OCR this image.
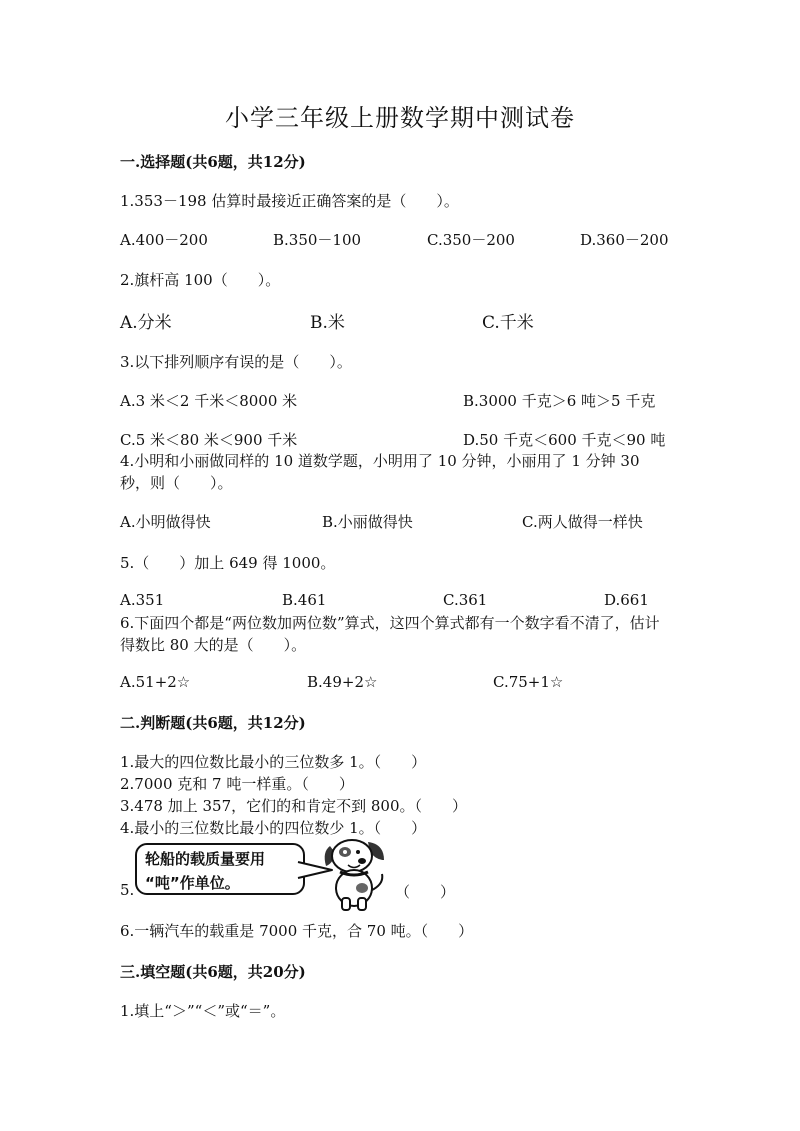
小学三年级上册数学期中测试卷
一.选择题(共6题，共12分)
1.353－198 估算时最接近正确答案的是（　　）。
A.400－200	B.350－100	C.350－200	D.360－200
2.旗杆高 100（　　）。
A.分米	B.米	C.千米
3.以下排列顺序有误的是（　　）。
A.3 米＜2 千米＜8000 米	B.3000 千克＞6 吨＞5 千克
C.5 米＜80 米＜900 千米	D.50 千克＜600 千克＜90 吨
4.小明和小丽做同样的 10 道数学题，小明用了 10 分钟，小丽用了 1 分钟 30 秒，则（　　）。
A.小明做得快	B.小丽做得快	C.两人做得一样快
5.（　　）加上 649 得 1000。
A.351	B.461	C.361	D.661
6.下面四个都是“两位数加两位数”算式，这四个算式都有一个数字看不清了，估计得数比 80 大的是（　　）。
A.51+2☆	B.49+2☆	C.75+1☆
二.判断题(共6题，共12分)
1.最大的四位数比最小的三位数多 1。（　　）
2.7000 克和 7 吨一样重。（　　）
3.478 加上 357，它们的和肯定不到 800。（　　）
4.最小的三位数比最小的四位数少 1。（　　）
5.
轮船的载质量要用
“吨”作单位。	（　　）
6.一辆汽车的载重是 7000 千克，合 70 吨。（　　）
三.填空题(共6题，共20分)
1.填上“＞”“＜”或“＝”。
